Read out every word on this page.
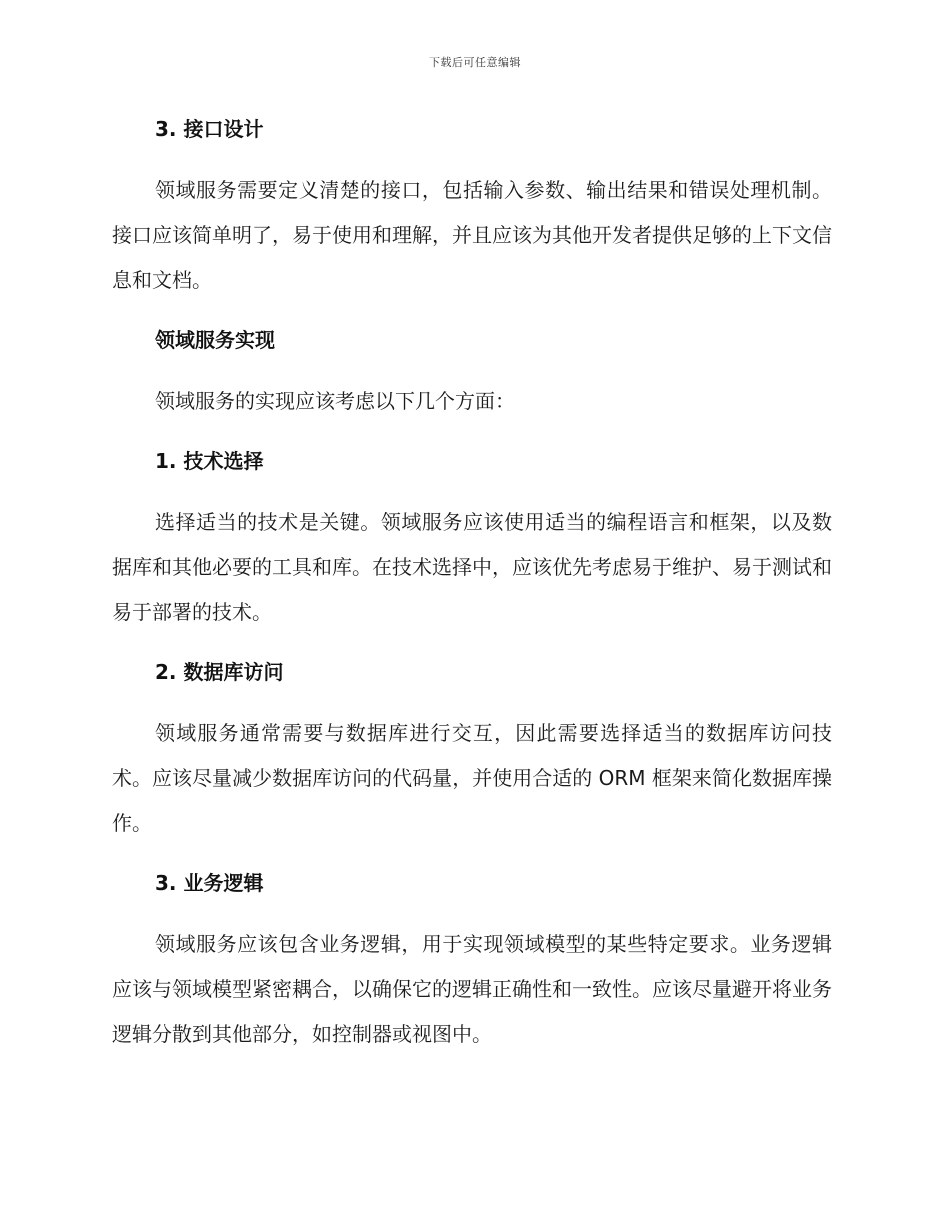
下载后可任意编辑
3. 接口设计

领域服务需要定义清楚的接口，包括输入参数、输出结果和错误处理机制。接口应该简单明了，易于使用和理解，并且应该为其他开发者提供足够的上下文信息和文档。

领域服务实现

领域服务的实现应该考虑以下几个方面：

1. 技术选择

选择适当的技术是关键。领域服务应该使用适当的编程语言和框架，以及数据库和其他必要的工具和库。在技术选择中，应该优先考虑易于维护、易于测试和易于部署的技术。

2. 数据库访问

领域服务通常需要与数据库进行交互，因此需要选择适当的数据库访问技术。应该尽量减少数据库访问的代码量，并使用合适的 ORM 框架来简化数据库操作。

3. 业务逻辑

领域服务应该包含业务逻辑，用于实现领域模型的某些特定要求。业务逻辑应该与领域模型紧密耦合，以确保它的逻辑正确性和一致性。应该尽量避开将业务逻辑分散到其他部分，如控制器或视图中。
